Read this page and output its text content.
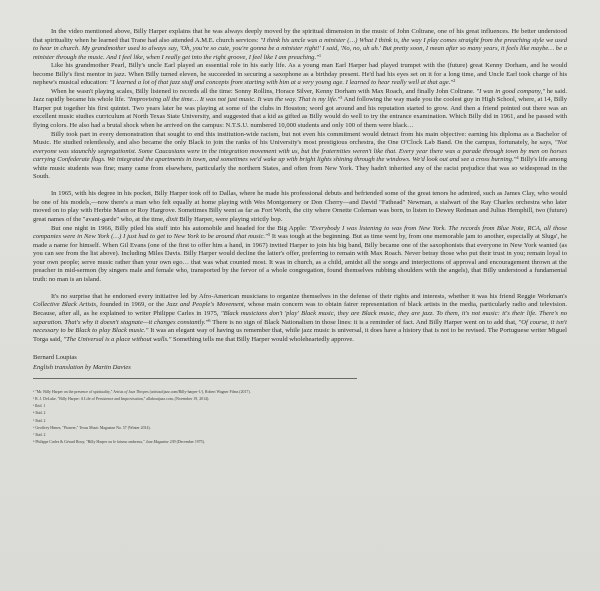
In the video mentioned above, Billy Harper explains that he was always deeply moved by the spiritual dimension in the music of John Coltrane, one of his great influences. He better understood that spirituality when he learned that Trane had also attended A.M.E. church services: "I think his uncle was a minister (…) What I think is, the way I play comes straight from the preaching style we used to hear in church. My grandmother used to always say, 'Oh, you're so cute, you're gonna be a minister right!' I said, 'No, no, uh uh.' But pretty soon, I mean after so many years, it feels like maybe… be a minister through the music. And I feel like, when I really get into the right groove, I feel like I am preaching."$^1$

Like his grandmother Pearl, Billy's uncle Earl played an essential role in his early life. As a young man Earl Harper had played trumpet with the (future) great Kenny Dorham, and he would become Billy's first mentor in jazz. When Billy turned eleven, he succeeded in securing a saxophone as a birthday present. He'd had his eyes set on it for a long time, and Uncle Earl took charge of his nephew's musical education: "I learned a lot of that jazz stuff and concepts from starting with him at a very young age. I learned to hear really well at that age."$^2$

When he wasn't playing scales, Billy listened to records all the time: Sonny Rollins, Horace Silver, Kenny Dorham with Max Roach, and finally John Coltrane. "I was in good company," he said. Jazz rapidly became his whole life. "Improvising all the time… It was not just music. It was the way. That is my life."$^3$ And following the way made you the coolest guy in High School, where, at 14, Billy Harper put together his first quintet. Two years later he was playing at some of the clubs in Houston; word got around and his reputation started to grow. And then a friend pointed out there was an excellent music studies curriculum at North Texas State University, and suggested that a kid as gifted as Billy would do well to try the entrance examination. Which Billy did in 1961, and he passed with flying colors. He also had a brutal shock when he arrived on the campus: N.T.S.U. numbered 10,000 students and only 100 of them were black…

Billy took part in every demonstration that sought to end this institution-wide racism, but not even his commitment would detract from his main objective: earning his diploma as a Bachelor of Music. He studied relentlessly, and also became the only Black to join the ranks of his University's most prestigious orchestra, the One O'Clock Lab Band. On the campus, fortunately, he says, "Not everyone was staunchly segregationist. Some Caucasians were in the integration movement with us, but the fraternities weren't like that. Every year there was a parade through town by men on horses carrying Confederate flags. We integrated the apartments in town, and sometimes we'd wake up with bright lights shining through the windows. We'd look out and see a cross burning."$^4$ Billy's life among white music students was fine; many came from elsewhere, particularly the northern States, and often from New York. They hadn't inherited any of the racist prejudice that was so widespread in the South.

In 1965, with his degree in his pocket, Billy Harper took off to Dallas, where he made his professional debuts and befriended some of the great tenors he admired, such as James Clay, who would be one of his models,—now there's a man who felt equally at home playing with Wes Montgomery or Don Cherry—and David "Fathead" Newman, a stalwart of the Ray Charles orchestra who later moved on to play with Herbie Mann or Roy Hargrove. Sometimes Billy went as far as Fort Worth, the city where Ornette Coleman was born, to listen to Dewey Redman and Julius Hemphill, two (future) great names of the "avant-garde" who, at the time, dixit Billy Harper, were playing strictly bop.

But one night in 1966, Billy piled his stuff into his automobile and headed for the Big Apple: "Everybody I was listening to was from New York. The records from Blue Note, RCA, all those companies were in New York (…) I just had to get to New York to be around that music."$^5$ It was tough at the beginning. But as time went by, from one memorable jam to another, especially at Slugs', he made a name for himself. When Gil Evans (one of the first to offer him a hand, in 1967) invited Harper to join his big band, Billy became one of the saxophonists that everyone in New York wanted (as you can see from the list above). Including Miles Davis. Billy Harper would decline the latter's offer, preferring to remain with Max Roach. Never betray those who put their trust in you; remain loyal to your own people; serve music rather than your own ego… that was what counted most. It was in church, as a child, amidst all the songs and interjections of approval and encouragement thrown at the preacher in mid-sermon (by singers male and female who, transported by the fervor of a whole congregation, found themselves rubbing shoulders with the angels), that Billy understood a fundamental truth: no man is an island.

It's no surprise that he endorsed every initiative led by Afro-American musicians to organize themselves in the defense of their rights and interests, whether it was his friend Reggie Workman's Collective Black Artists, founded in 1969, or the Jazz and People's Movement, whose main concern was to obtain fairer representation of black artists in the media, particularly radio and television. Because, after all, as he explained to writer Philippe Carles in 1975, "Black musicians don't 'play' Black music, they are Black music, they are jazz. To them, it's not music: it's their life. There's no separation. That's why it doesn't stagnate—it changes constantly."$^6$ There is no sign of Black Nationalism in those lines: it is a reminder of fact. And Billy Harper went on to add that, "Of course, it isn't necessary to be Black to play Black music." It was an elegant way of having us remember that, while jazz music is universal, it does have a history that is not to be revised. The Portuguese writer Miguel Torga said, "The Universal is a place without walls." Something tells me that Billy Harper would wholeheartedly approve.

Bernard Loupias
English translation by Martin Davies
¹ "Mr. Billy Harper on the presence of spirituality," Artists of Jazz Thropes (artistsofjazz.com/Billy-harper-1/), Robert Wagner Films (2017).
² R. J. DeLuke, "Billy Harper: A Life of Persistence and Improvisation," allaboutjazz.com, (November 19, 2014).
³ Ibid. 1
⁴ Ibid. 2
⁵ Ibid. 2
⁶ Geoffrey Himes, "Pioneer," Texas Music Magazine No. 57 (Winter 2014).
⁷ Ibid. 2
⁸ Philippe Carles & Gérard Rouy, "Billy Harper ou le faiseur ombreux," Jazz Magazine 239 (December 1975).
